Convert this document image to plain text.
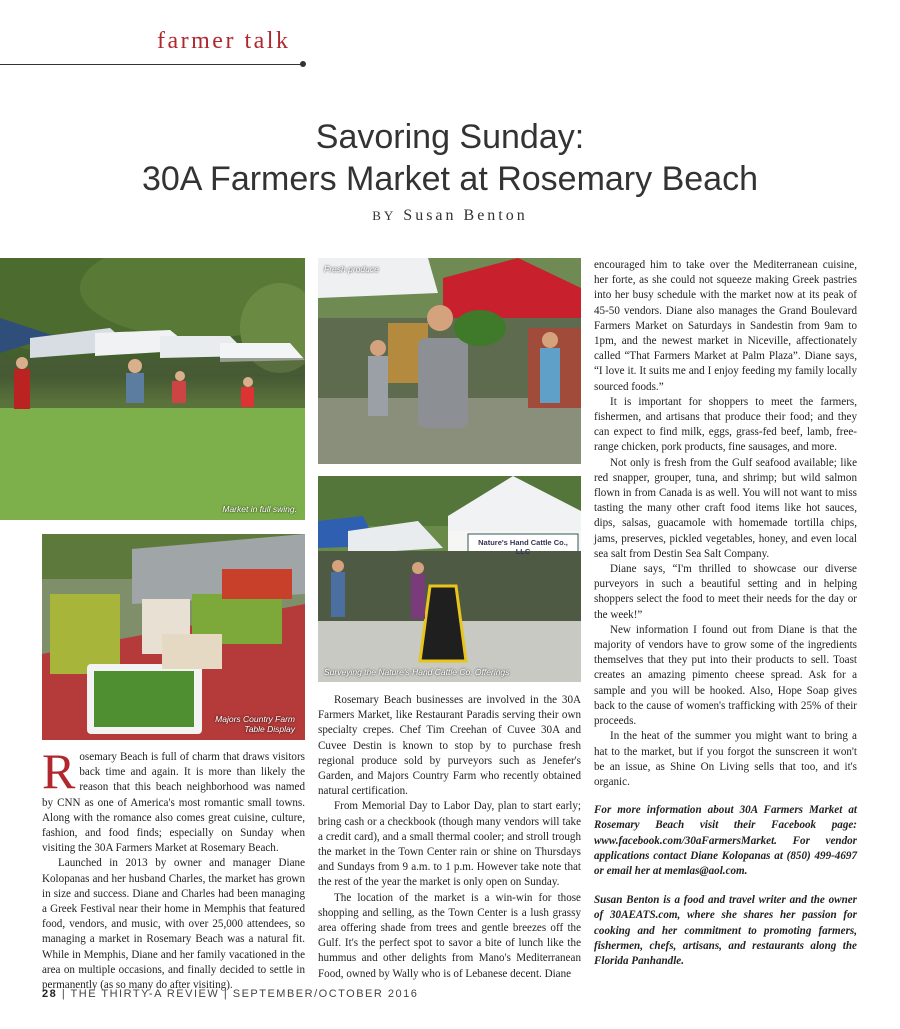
farmer talk
Savoring Sunday:
30A Farmers Market at Rosemary Beach
BY Susan Benton
Market in full swing.
Fresh produce
Majors Country Farm Table Display
Nature's Hand Cattle Co., LLC
Surveying the Nature's Hand Cattle Co. Offerings

Rosemary Beach is full of charm that draws visitors back time and again. It is more than likely the reason that this beach neighborhood was named by CNN as one of America's most romantic small towns. Along with the romance also comes great cuisine, culture, fashion, and food finds; especially on Sunday when visiting the 30A Farmers Market at Rosemary Beach.

Launched in 2013 by owner and manager Diane Kolopanas and her husband Charles, the market has grown in size and success. Diane and Charles had been managing a Greek Festival near their home in Memphis that featured food, vendors, and music, with over 25,000 attendees, so managing a market in Rosemary Beach was a natural fit. While in Memphis, Diane and her family vacationed in the area on multiple occasions, and finally decided to settle in permanently (as so many do after visiting).

Rosemary Beach businesses are involved in the 30A Farmers Market, like Restaurant Paradis serving their own specialty crepes. Chef Tim Creehan of Cuvee 30A and Cuvee Destin is known to stop by to purchase fresh regional produce sold by purveyors such as Jenefer's Garden, and Majors Country Farm who recently obtained natural certification.

From Memorial Day to Labor Day, plan to start early; bring cash or a checkbook (though many vendors will take a credit card), and a small thermal cooler; and stroll trough the market in the Town Center rain or shine on Thursdays and Sundays from 9 a.m. to 1 p.m. However take note that the rest of the year the market is only open on Sunday.

The location of the market is a win-win for those shopping and selling, as the Town Center is a lush grassy area offering shade from trees and gentle breezes off the Gulf. It's the perfect spot to savor a bite of lunch like the hummus and other delights from Mano's Mediterranean Food, owned by Wally who is of Lebanese decent. Diane

encouraged him to take over the Mediterranean cuisine, her forte, as she could not squeeze making Greek pastries into her busy schedule with the market now at its peak of 45-50 vendors. Diane also manages the Grand Boulevard Farmers Market on Saturdays in Sandestin from 9am to 1pm, and the newest market in Niceville, affectionately called “That Farmers Market at Palm Plaza”. Diane says, “I love it. It suits me and I enjoy feeding my family locally sourced foods.”

It is important for shoppers to meet the farmers, fishermen, and artisans that produce their food; and they can expect to find milk, eggs, grass-fed beef, lamb, free-range chicken, pork products, fine sausages, and more.

Not only is fresh from the Gulf seafood available; like red snapper, grouper, tuna, and shrimp; but wild salmon flown in from Canada is as well. You will not want to miss tasting the many other craft food items like hot sauces, dips, salsas, guacamole with homemade tortilla chips, jams, preserves, pickled vegetables, honey, and even local sea salt from Destin Sea Salt Company.

Diane says, “I'm thrilled to showcase our diverse purveyors in such a beautiful setting and in helping shoppers select the food to meet their needs for the day or the week!”

New information I found out from Diane is that the majority of vendors have to grow some of the ingredients themselves that they put into their products to sell. Toast creates an amazing pimento cheese spread. Ask for a sample and you will be hooked. Also, Hope Soap gives back to the cause of women's trafficking with 25% of their proceeds.

In the heat of the summer you might want to bring a hat to the market, but if you forgot the sunscreen it won't be an issue, as Shine On Living sells that too, and it's organic.

For more information about 30A Farmers Market at Rosemary Beach visit their Facebook page: www.facebook.com/30aFarmersMarket. For vendor applications contact Diane Kolopanas at (850) 499-4697 or email her at memlas@aol.com.

Susan Benton is a food and travel writer and the owner of 30AEATS.com, where she shares her passion for cooking and her commitment to promoting farmers, fishermen, chefs, artisans, and restaurants along the Florida Panhandle.

28 | THE THIRTY-A REVIEW | SEPTEMBER/OCTOBER 2016
